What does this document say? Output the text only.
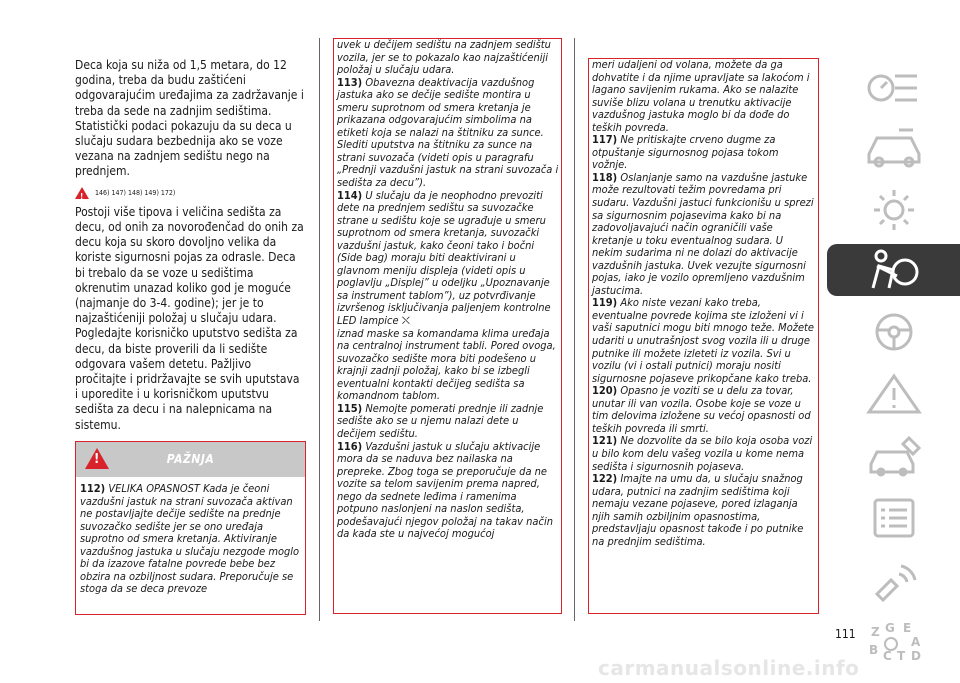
Deca koja su niža od 1,5 metara, do 12 godina, treba da budu zaštićeni odgovarajućim uređajima za zadržavanje i treba da sede na zadnjim sedištima. Statistički podaci pokazuju da su deca u slučaju sudara bezbednija ako se voze vezana na zadnjem sedištu nego na prednjem.
! 146) 147) 148) 149) 172)
Postoji više tipova i veličina sedišta za decu, od onih za novorođenčad do onih za decu koja su skoro dovoljno velika da koriste sigurnosni pojas za odrasle. Deca bi trebalo da se voze u sedištima okrenutim unazad koliko god je moguće (najmanje do 3-4. godine); jer je to najzaštićeniji položaj u slučaju udara. Pogledajte korisničko uputstvo sedišta za decu, da biste proverili da li sedište odgovara vašem detetu. Pažljivo pročitajte i pridržavajte se svih uputstava i uporedite i u korisničkom uputstvu sedišta za decu i na nalepnicama na sistemu.
!	PAŽNJA
112) VELIKA OPASNOST Kada je čeoni vazdušni jastuk na strani suvozača aktivan ne postavljajte dečije sedište na prednje suvozačko sedište jer se ono uređaja suprotno od smera kretanja. Aktiviranje vazdušnog jastuka u slučaju nezgode moglo bi da izazove fatalne povrede bebe bez obzira na ozbiljnost sudara. Preporučuje se stoga da se deca prevoze
uvek u dečijem sedištu na zadnjem sedištu vozila, jer se to pokazalo kao najzaštićeniji položaj u slučaju udara.
113) Obavezna deaktivacija vazdušnog jastuka ako se dečije sedište montira u smeru suprotnom od smera kretanja je prikazana odgovarajućim simbolima na etiketi koja se nalazi na štitniku za sunce. Slediti uputstva na štitniku za sunce na strani suvozača (videti opis u paragrafu „Prednji vazdušni jastuk na strani suvozača i sedišta za decu”).
114) U slučaju da je neophodno prevoziti dete na prednjem sedištu sa suvozačke strane u sedištu koje se ugrađuje u smeru suprotnom od smera kretanja, suvozački vazdušni jastuk, kako čeoni tako i bočni (Side bag) moraju biti deaktivirani u glavnom meniju displeja (videti opis u poglavlju „Displej” u odeljku „Upoznavanje sa instrument tablom”), uz potvrđivanje izvršenog isključivanja paljenjem kontrolne LED lampice ⛌
iznad maske sa komandama klima uređaja na centralnoj instrument tabli. Pored ovoga, suvozačko sedište mora biti podešeno u krajnji zadnji položaj, kako bi se izbegli eventualni kontakti dečijeg sedišta sa komandnom tablom.
115) Nemojte pomerati prednje ili zadnje sedište ako se u njemu nalazi dete u dečijem sedištu.
116) Vazdušni jastuk u slučaju aktivacije mora da se naduva bez nailaska na prepreke. Zbog toga se preporučuje da ne vozite sa telom savijenim prema napred, nego da sednete leđima i ramenima potpuno naslonjeni na naslon sedišta, podešavajući njegov položaj na takav način da kada ste u najvećoj mogućoj
meri udaljeni od volana, možete da ga dohvatite i da njime upravljate sa lakoćom i lagano savijenim rukama. Ako se nalazite suviše blizu volana u trenutku aktivacije vazdušnog jastuka moglo bi da dođe do teških povreda.
117) Ne pritiskajte crveno dugme za otpuštanje sigurnosnog pojasa tokom vožnje.
118) Oslanjanje samo na vazdušne jastuke može rezultovati težim povredama pri sudaru. Vazdušni jastuci funkcionišu u sprezi sa sigurnosnim pojasevima kako bi na zadovoljavajući način ograničili vaše kretanje u toku eventualnog sudara. U nekim sudarima ni ne dolazi do aktivacije vazdušnih jastuka. Uvek vezujte sigurnosni pojas, iako je vozilo opremljeno vazdušnim jastucima.
119) Ako niste vezani kako treba, eventualne povrede kojima ste izloženi vi i vaši saputnici mogu biti mnogo teže. Možete udariti u unutrašnjost svog vozila ili u druge putnike ili možete izleteti iz vozila. Svi u vozilu (vi i ostali putnici) moraju nositi sigurnosne pojaseve prikopčane kako treba.
120) Opasno je voziti se u delu za tovar, unutar ili van vozila. Osobe koje se voze u tim delovima izložene su većoj opasnosti od teških povreda ili smrti.
121) Ne dozvolite da se bilo koja osoba vozi u bilo kom delu vašeg vozila u kome nema sedišta i sigurnosnih pojaseva.
122) Imajte na umu da, u slučaju snažnog udara, putnici na zadnjim sedištima koji nemaju vezane pojaseve, pored izlaganja njih samih ozbiljnim opasnostima, predstavljaju opasnost takođe i po putnike na prednjim sedištima.
Z G E
A
B C T D
111
carmanualsonline.info
